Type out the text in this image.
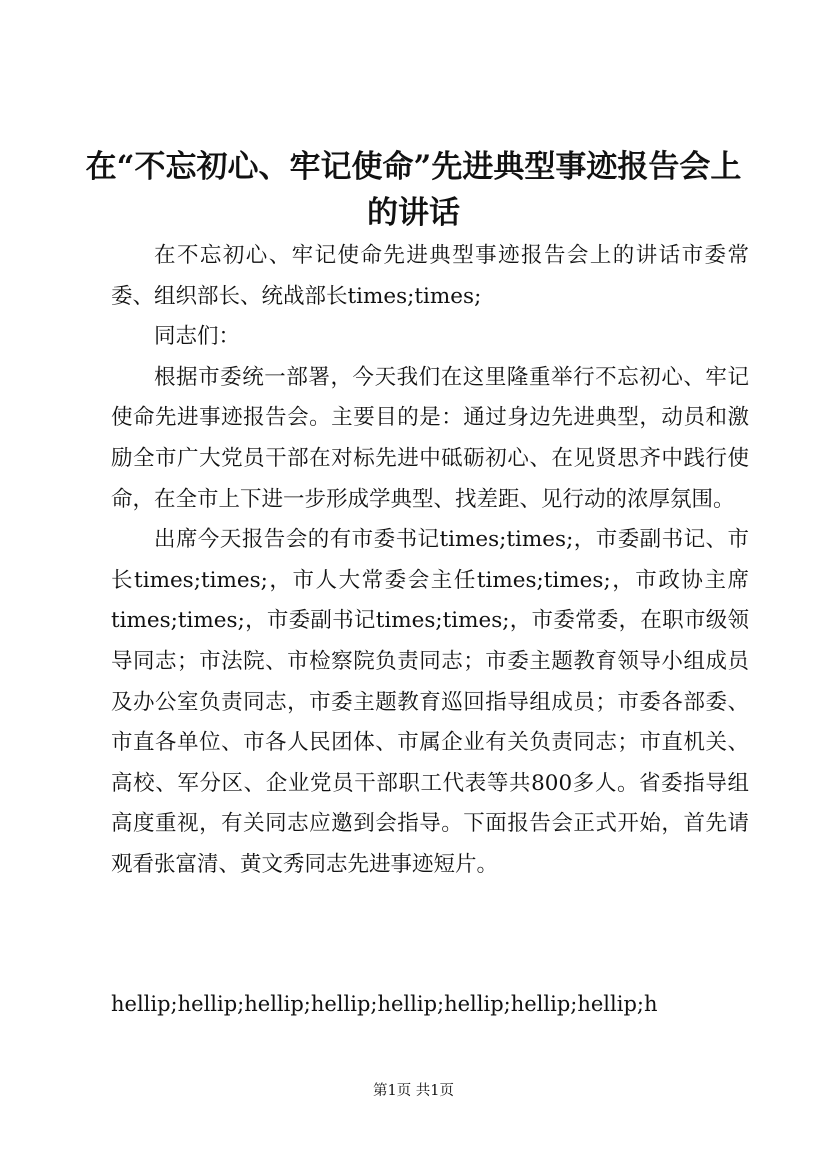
在“不忘初心、牢记使命”先进典型事迹报告会上的讲话

在不忘初心、牢记使命先进典型事迹报告会上的讲话市委常委、组织部长、统战部长times;times;

同志们：

根据市委统一部署，今天我们在这里隆重举行不忘初心、牢记使命先进事迹报告会。主要目的是：通过身边先进典型，动员和激励全市广大党员干部在对标先进中砥砺初心、在见贤思齐中践行使命，在全市上下进一步形成学典型、找差距、见行动的浓厚氛围。

出席今天报告会的有市委书记times;times;，市委副书记、市长times;times;，市人大常委会主任times;times;，市政协主席times;times;，市委副书记times;times;，市委常委，在职市级领导同志；市法院、市检察院负责同志；市委主题教育领导小组成员及办公室负责同志，市委主题教育巡回指导组成员；市委各部委、市直各单位、市各人民团体、市属企业有关负责同志；市直机关、高校、军分区、企业党员干部职工代表等共800多人。省委指导组高度重视，有关同志应邀到会指导。下面报告会正式开始，首先请观看张富清、黄文秀同志先进事迹短片。

hellip;hellip;hellip;hellip;hellip;hellip;hellip;hellip;h
第1页 共1页
